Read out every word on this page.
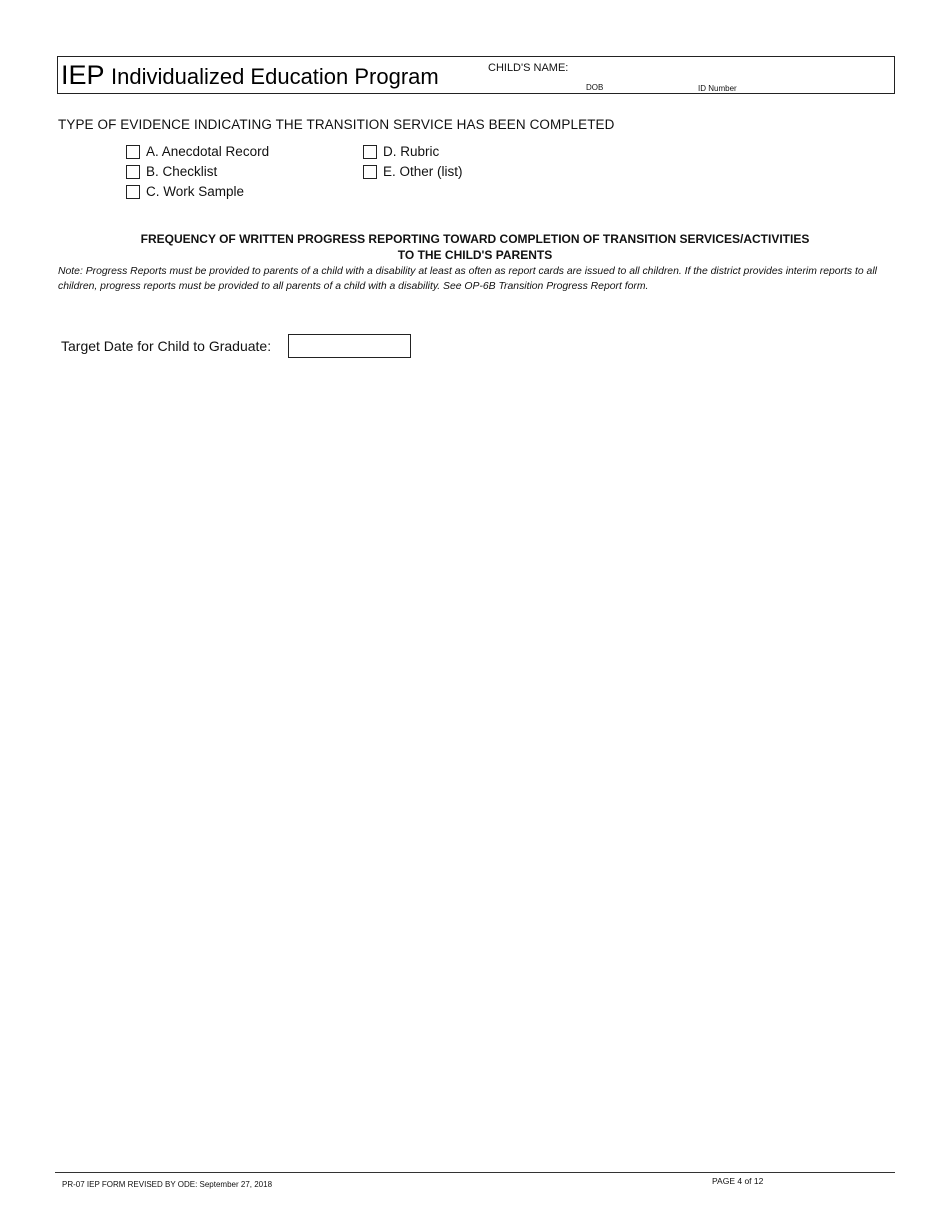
IEP Individualized Education Program	CHILD'S NAME:
DOB	ID Number
TYPE OF EVIDENCE INDICATING THE TRANSITION SERVICE HAS BEEN COMPLETED
A. Anecdotal Record
B. Checklist
C. Work Sample
D. Rubric
E. Other (list)
FREQUENCY OF WRITTEN PROGRESS REPORTING TOWARD COMPLETION OF TRANSITION SERVICES/ACTIVITIES
TO THE CHILD'S PARENTS
Note: Progress Reports must be provided to parents of a child with a disability at least as often as report cards are issued to all children. If the district provides interim reports to all children, progress reports must be provided to all parents of a child with a disability. See OP-6B Transition Progress Report form.
Target Date for Child to Graduate:
PR-07 IEP FORM REVISED BY ODE: September 27, 2018	PAGE 4 of 12
